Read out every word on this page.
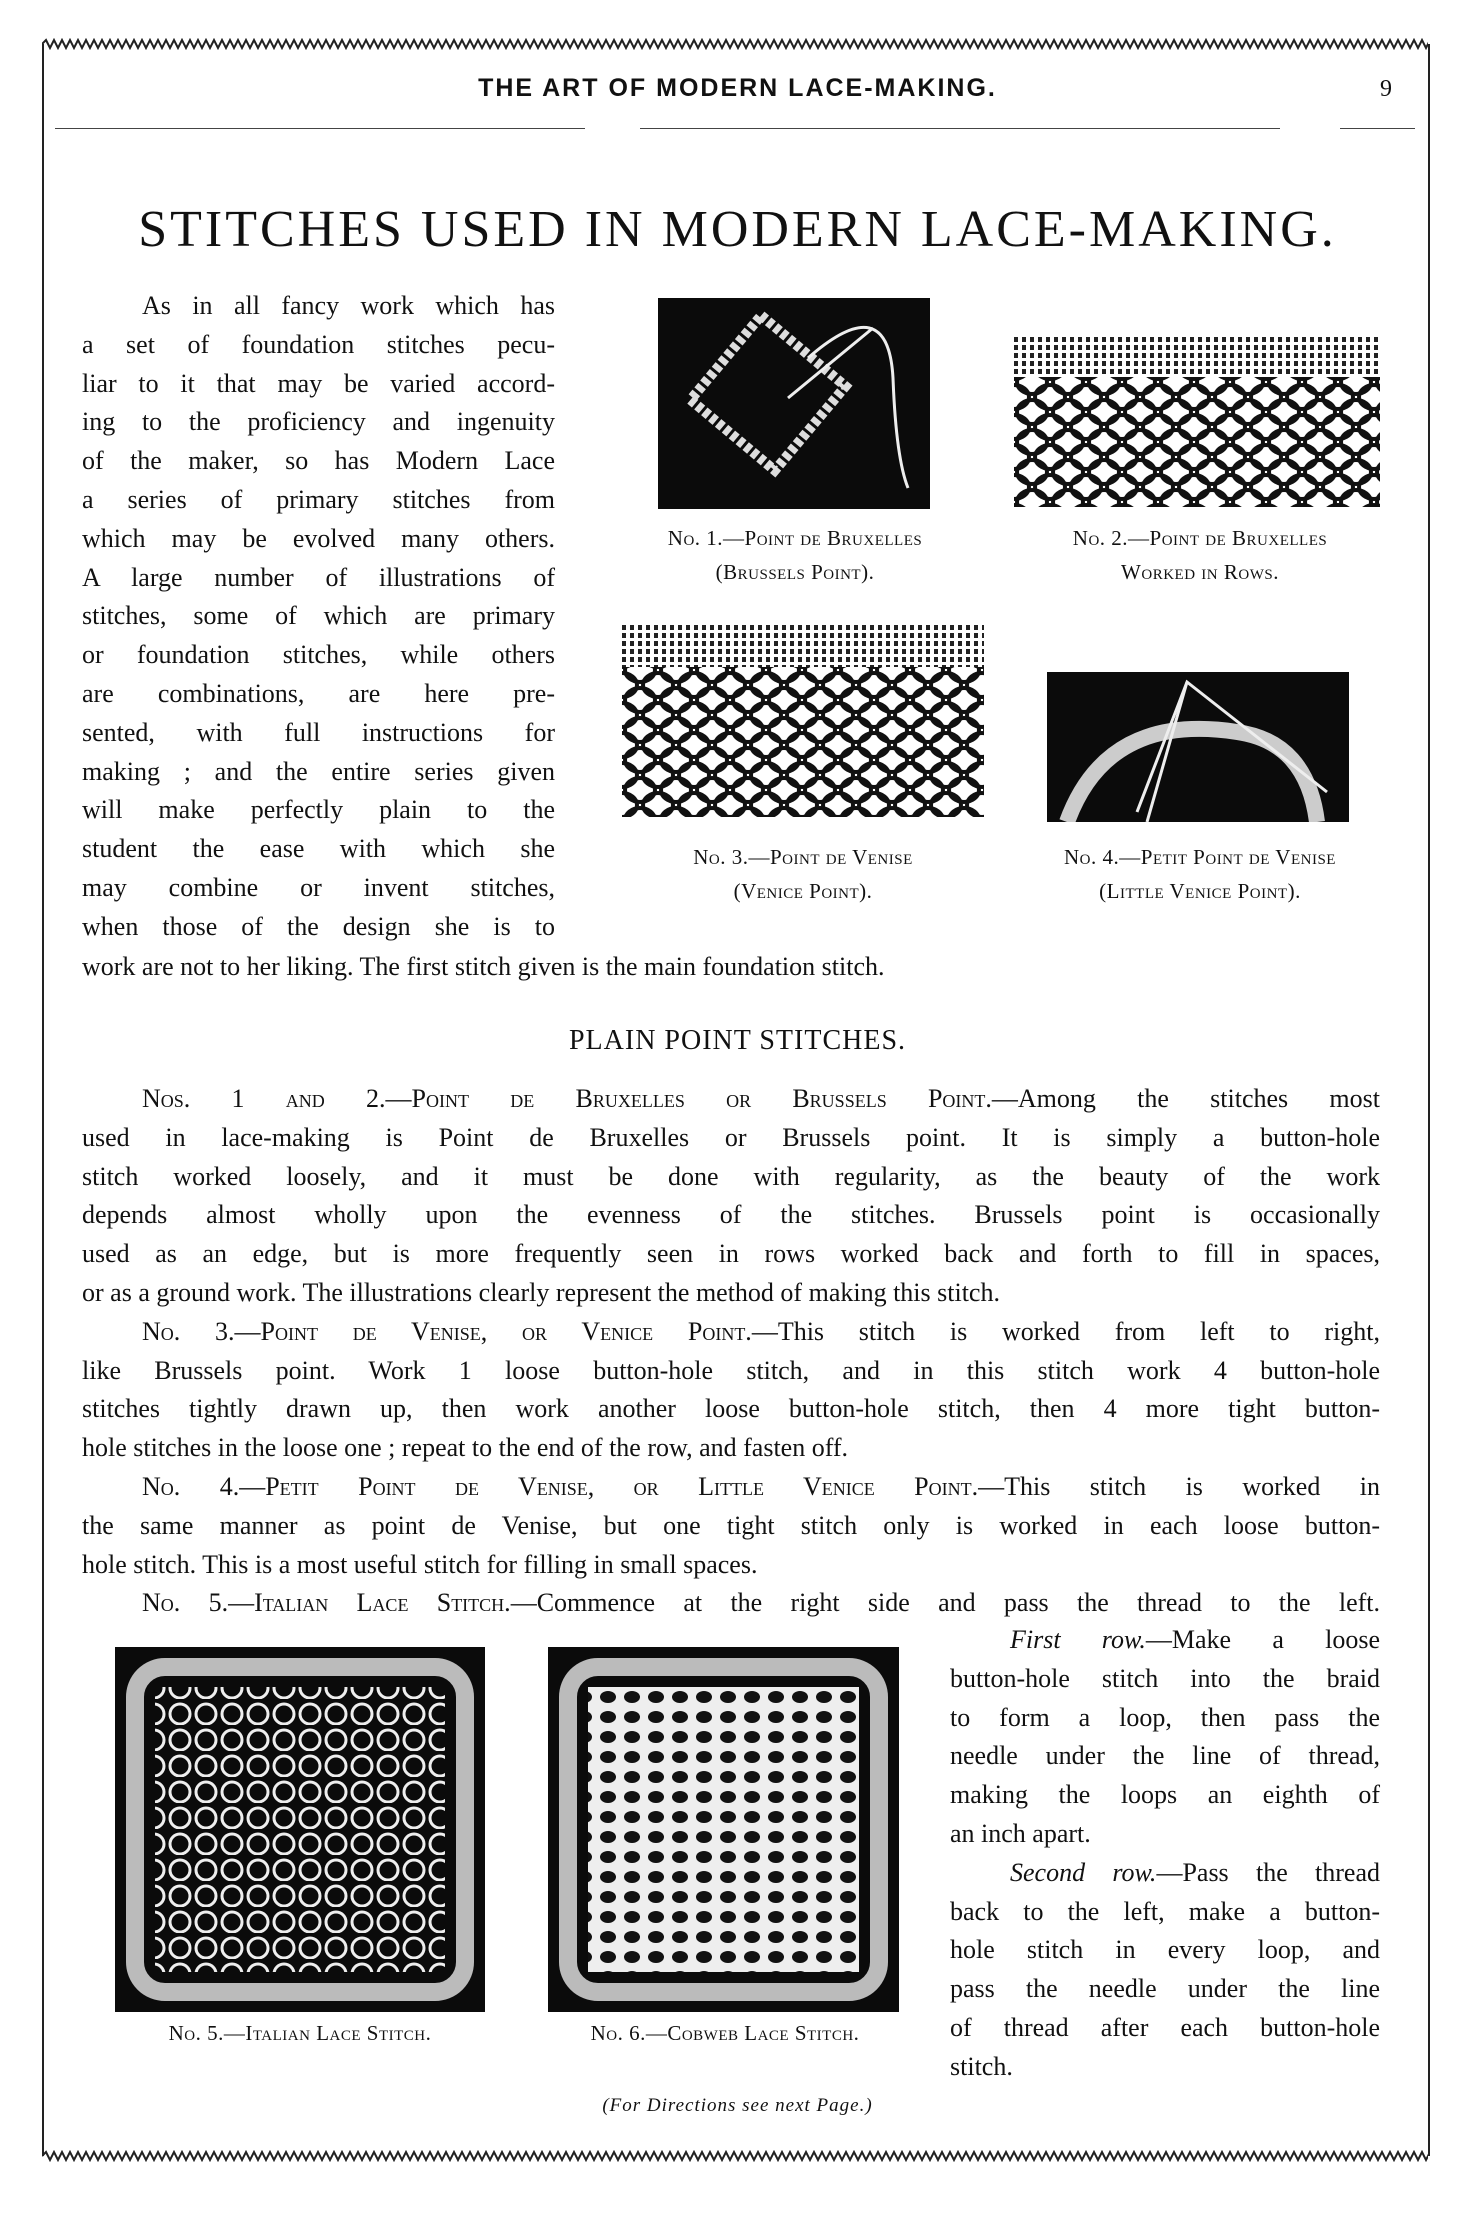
THE ART OF MODERN LACE-MAKING.	9
STITCHES USED IN MODERN LACE-MAKING.
As in all fancy work which has
a set of foundation stitches pecu-
liar to it that may be varied accord-
ing to the proficiency and ingenuity
of the maker, so has Modern Lace
a series of primary stitches from
which may be evolved many others.
A large number of illustrations of
stitches, some of which are primary
or foundation stitches, while others
are combinations, are here pre-
sented, with full instructions for
making ; and the entire series given
will make perfectly plain to the
student the ease with which she
may combine or invent stitches,
when those of the design she is to
work are not to her liking. The first stitch given is the main foundation stitch.
No. 1.—Point de Bruxelles
(Brussels Point).
No. 2.—Point de Bruxelles
Worked in Rows.
No. 3.—Point de Venise
(Venice Point).
No. 4.—Petit Point de Venise
(Little Venice Point).
PLAIN POINT STITCHES.
Nos. 1 and 2.—Point de Bruxelles or Brussels Point.—Among the stitches most
used in lace-making is Point de Bruxelles or Brussels point. It is simply a button-hole
stitch worked loosely, and it must be done with regularity, as the beauty of the work
depends almost wholly upon the evenness of the stitches. Brussels point is occasionally
used as an edge, but is more frequently seen in rows worked back and forth to fill in spaces,
or as a ground work. The illustrations clearly represent the method of making this stitch.
No. 3.—Point de Venise, or Venice Point.—This stitch is worked from left to right,
like Brussels point. Work 1 loose button-hole stitch, and in this stitch work 4 button-hole
stitches tightly drawn up, then work another loose button-hole stitch, then 4 more tight button-
hole stitches in the loose one ; repeat to the end of the row, and fasten off.
No. 4.—Petit Point de Venise, or Little Venice Point.—This stitch is worked in
the same manner as point de Venise, but one tight stitch only is worked in each loose button-
hole stitch. This is a most useful stitch for filling in small spaces.
No. 5.—Italian Lace Stitch.—Commence at the right side and pass the thread to the left.
No. 5.—Italian Lace Stitch.	No. 6.—Cobweb Lace Stitch.
First row.—Make a loose
button-hole stitch into the braid
to form a loop, then pass the
needle under the line of thread,
making the loops an eighth of
an inch apart.
Second row.—Pass the thread
back to the left, make a button-
hole stitch in every loop, and
pass the needle under the line
of thread after each button-hole
stitch.
(For Directions see next Page.)
